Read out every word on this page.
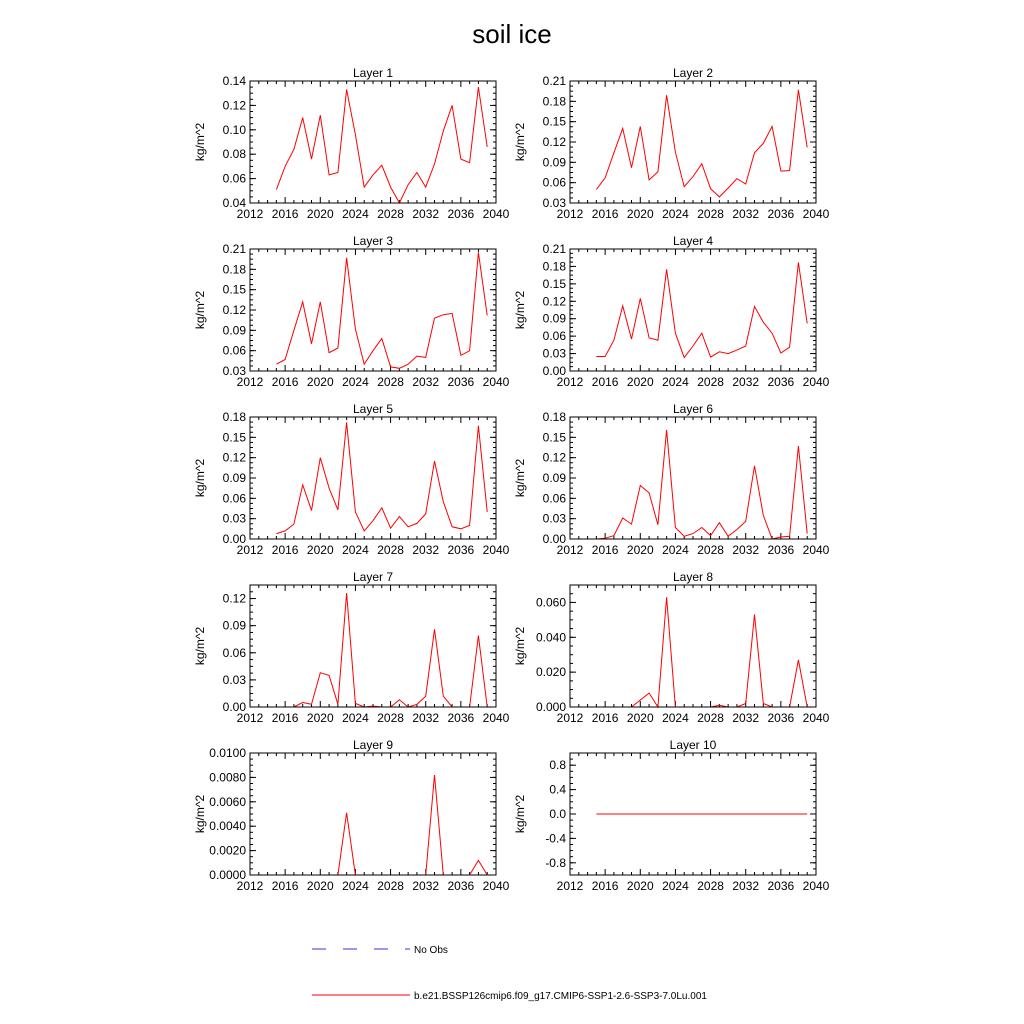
soil ice
Layer 1
2012 2016 2020 2024 2028 2032 2036 2040
0.04
0.06
0.08
0.10
0.12
0.14
kg/m^2
Layer 2
2012 2016 2020 2024 2028 2032 2036 2040
0.03
0.06
0.09
0.12
0.15
0.18
0.21
kg/m^2
Layer 3
2012 2016 2020 2024 2028 2032 2036 2040
0.03
0.06
0.09
0.12
0.15
0.18
0.21
kg/m^2
Layer 4
2012 2016 2020 2024 2028 2032 2036 2040
0.00
0.03
0.06
0.09
0.12
0.15
0.18
0.21
kg/m^2
Layer 5
2012 2016 2020 2024 2028 2032 2036 2040
0.00
0.03
0.06
0.09
0.12
0.15
0.18
kg/m^2
Layer 6
2012 2016 2020 2024 2028 2032 2036 2040
0.00
0.03
0.06
0.09
0.12
0.15
0.18
kg/m^2
Layer 7
2012 2016 2020 2024 2028 2032 2036 2040
0.00
0.03
0.06
0.09
0.12
kg/m^2
Layer 8
2012 2016 2020 2024 2028 2032 2036 2040
0.000
0.020
0.040
0.060
kg/m^2
Layer 9
2012 2016 2020 2024 2028 2032 2036 2040
0.0000
0.0020
0.0040
0.0060
0.0080
0.0100
kg/m^2
Layer 10
2012 2016 2020 2024 2028 2032 2036 2040
-0.8
-0.4
0.0
0.4
0.8
kg/m^2
No Obs
b.e21.BSSP126cmip6.f09_g17.CMIP6-SSP1-2.6-SSP3-7.0Lu.001
